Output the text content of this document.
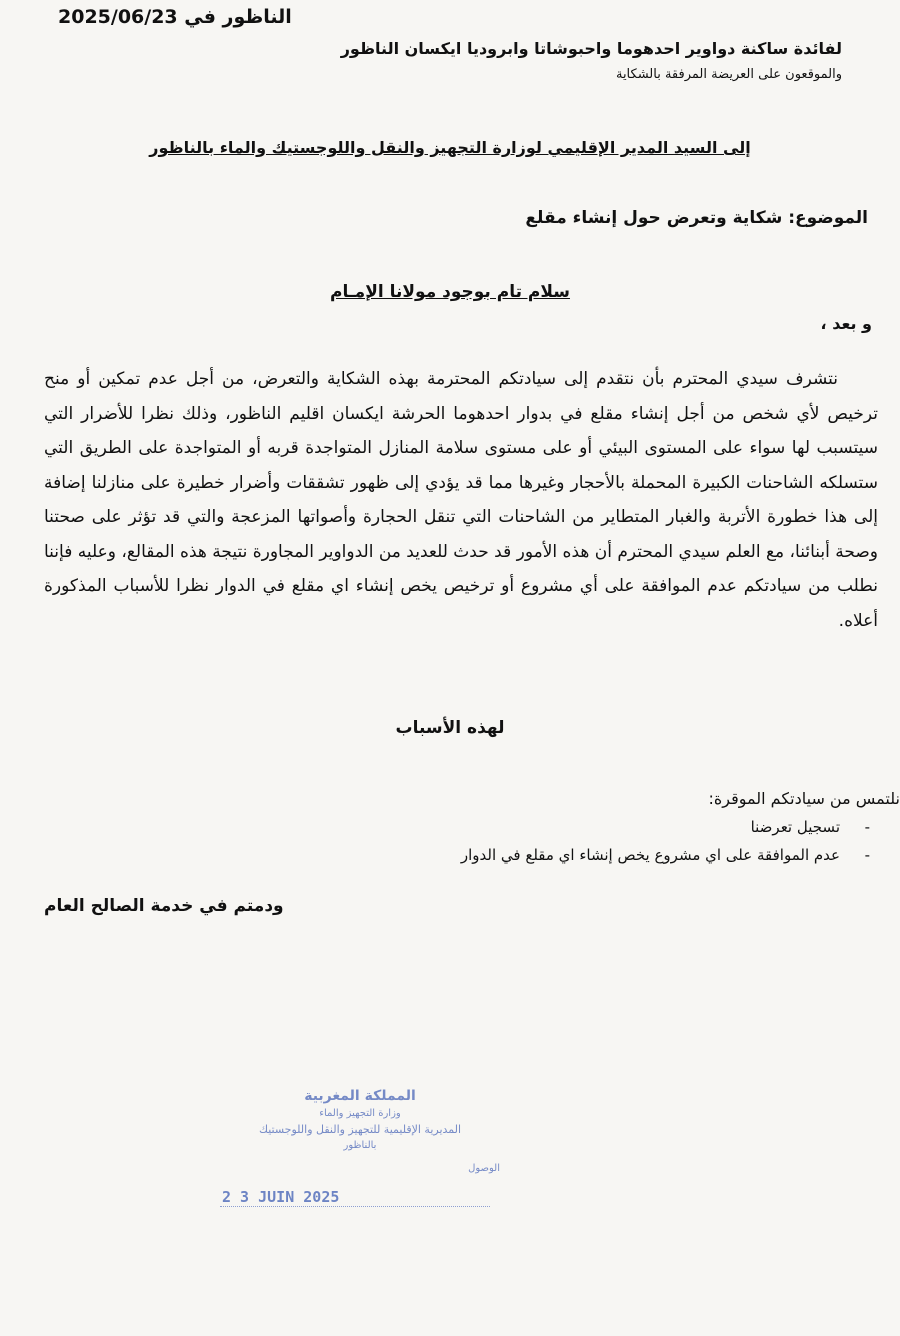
الناظور في 2025/06/23
لفائدة ساكنة دواوير احدهوما واحبوشاتا وابروديا ايكسان الناظور
والموقعون على العريضة المرفقة بالشكاية
إلى السيد المدير الإقليمي لوزارة التجهيز والنقل واللوجستيك والماء بالناظور
الموضوع: شكاية وتعرض حول إنشاء مقلع
سلام تام بوجود مولانا الإمـام
و بعد ،
نتشرف سيدي المحترم بأن نتقدم إلى سيادتكم المحترمة بهذه الشكاية والتعرض، من أجل عدم تمكين أو منح ترخيص لأي شخص من أجل إنشاء مقلع في بدوار احدهوما الحرشة ايكسان اقليم الناظور، وذلك نظرا للأضرار التي سيتسبب لها سواء على المستوى البيئي أو على مستوى سلامة المنازل المتواجدة قربه أو المتواجدة على الطريق التي ستسلكه الشاحنات الكبيرة المحملة بالأحجار وغيرها مما قد يؤدي إلى ظهور تشققات وأضرار خطيرة على منازلنا إضافة إلى هذا خطورة الأتربة والغبار المتطاير من الشاحنات التي تنقل الحجارة وأصواتها المزعجة والتي قد تؤثر على صحتنا وصحة أبنائنا، مع العلم سيدي المحترم أن هذه الأمور قد حدث للعديد من الدواوير المجاورة نتيجة هذه المقالع، وعليه فإننا نطلب من سيادتكم عدم الموافقة على أي مشروع أو ترخيص يخص إنشاء اي مقلع في الدوار نظرا للأسباب المذكورة أعلاه.
لهذه الأسباب
نلتمس من سيادتكم الموقرة:
-
تسجيل تعرضنا
-
عدم الموافقة على اي مشروع يخص إنشاء اي مقلع في الدوار
ودمتم في خدمة الصالح العام
المملكة المغربية
وزارة التجهيز والماء
المديرية الإقليمية للتجهيز والنقل واللوجستيك
بالناظور
الوصول
2 3 JUIN 2025
